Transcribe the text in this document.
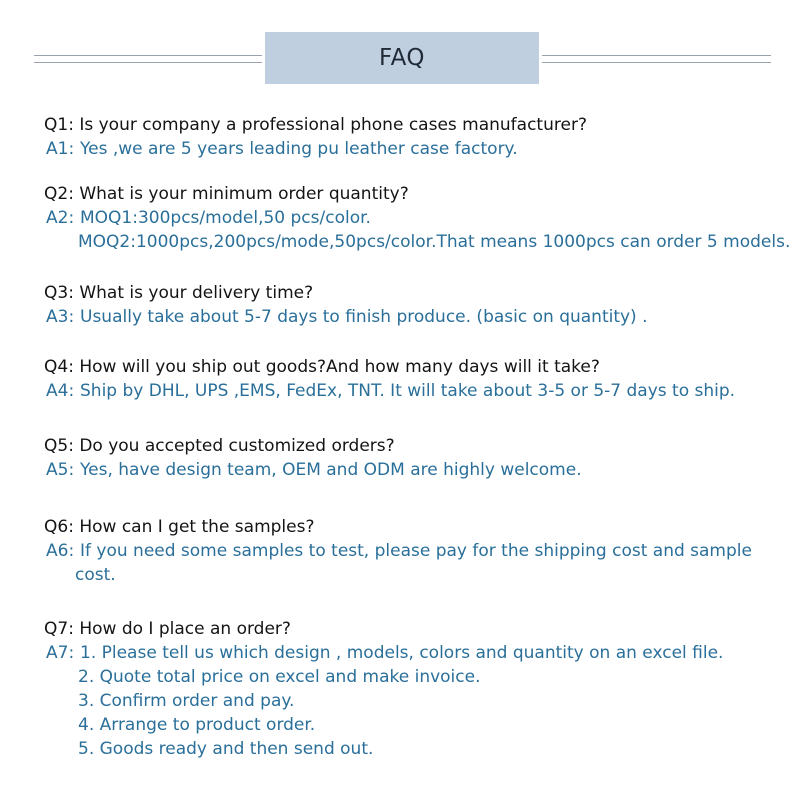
FAQ
Q1: Is your company a professional phone cases manufacturer?
A1: Yes ,we are 5 years leading pu leather case factory.
Q2: What is your minimum order quantity?
A2: MOQ1:300pcs/model,50 pcs/color.
MOQ2:1000pcs,200pcs/mode,50pcs/color.That means 1000pcs can order 5 models.
Q3: What is your delivery time?
A3: Usually take about 5-7 days to finish produce. (basic on quantity) .
Q4: How will you ship out goods?And how many days will it take?
A4: Ship by DHL, UPS ,EMS, FedEx, TNT. It will take about 3-5 or 5-7 days to ship.
Q5: Do you accepted customized orders?
A5: Yes, have design team, OEM and ODM are highly welcome.
Q6: How can I get the samples?
A6: If you need some samples to test, please pay for the shipping cost and sample
cost.
Q7: How do I place an order?
A7: 1. Please tell us which design , models, colors and quantity on an excel file.
2. Quote total price on excel and make invoice.
3. Confirm order and pay.
4. Arrange to product order.
5. Goods ready and then send out.
